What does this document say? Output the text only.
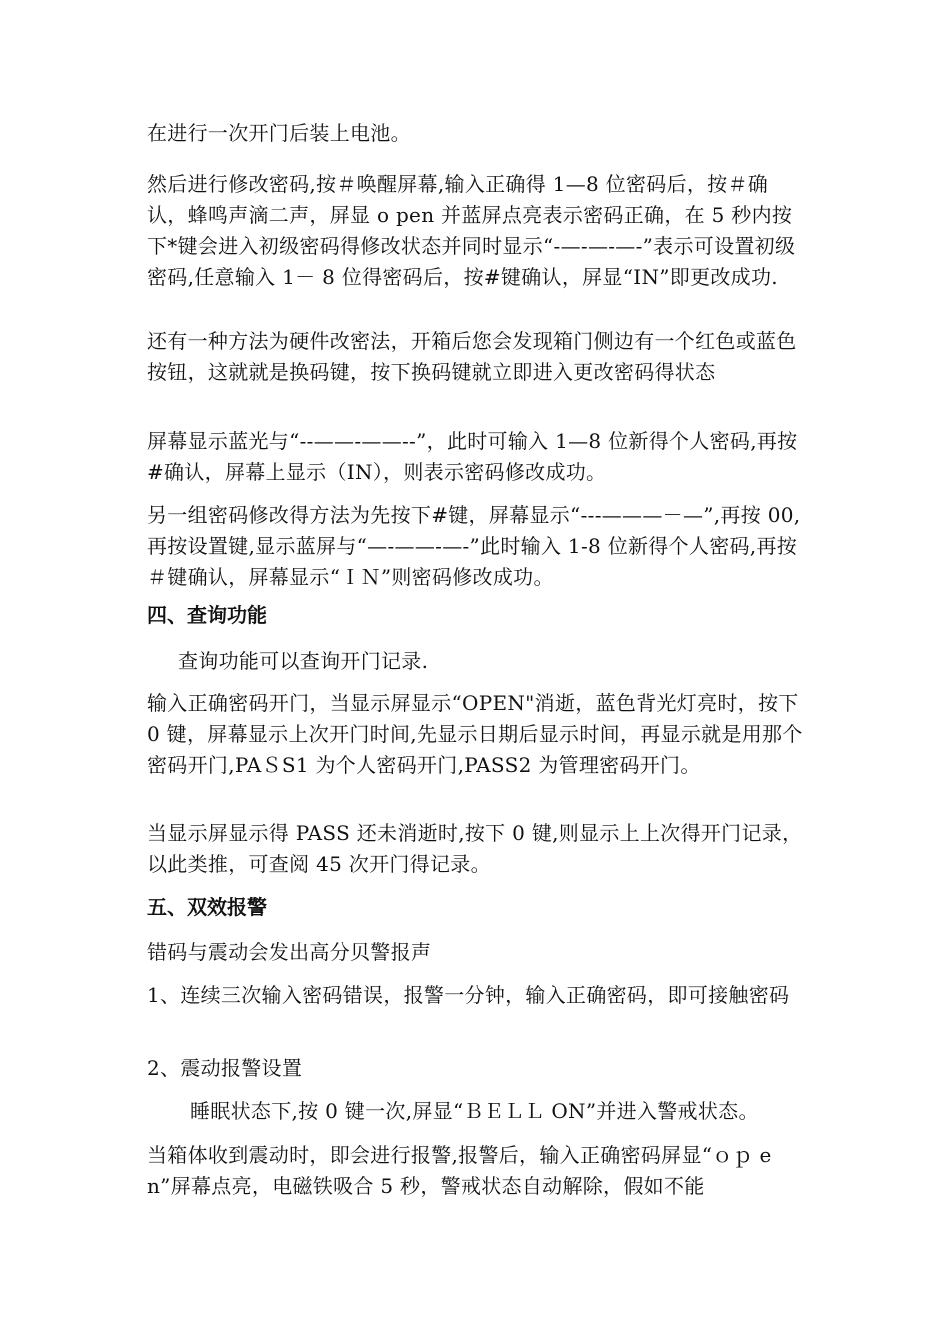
在进行一次开门后装上电池。

然后进行修改密码,按＃唤醒屏幕,输入正确得 1—8 位密码后，按＃确认，蜂鸣声滴二声，屏显 o pen 并蓝屏点亮表示密码正确，在 5 秒内按下*键会进入初级密码得修改状态并同时显示“-—-—-—-”表示可设置初级密码,任意输入 1－ 8 位得密码后，按#键确认，屏显“IN”即更改成功.

还有一种方法为硬件改密法，开箱后您会发现箱门侧边有一个红色或蓝色按钮，这就就是换码键，按下换码键就立即进入更改密码得状态

屏幕显示蓝光与“--——-——--”，此时可输入 1—8 位新得个人密码,再按#确认，屏幕上显示（IN），则表示密码修改成功。

另一组密码修改得方法为先按下#键，屏幕显示“---———－—”,再按 00,再按设置键,显示蓝屏与“—-——-—-”此时输入 1-8 位新得个人密码,再按＃键确认，屏幕显示“ＩＮ”则密码修改成功。

四、查询功能

查询功能可以查询开门记录.

输入正确密码开门，当显示屏显示“OPEN"消逝，蓝色背光灯亮时，按下 0 键，屏幕显示上次开门时间,先显示日期后显示时间，再显示就是用那个密码开门,PAＳS1 为个人密码开门,PASS2 为管理密码开门。

当显示屏显示得 PASS 还未消逝时,按下 0 键,则显示上上次得开门记录，以此类推，可查阅 45 次开门得记录。

五、双效报警

错码与震动会发出高分贝警报声

1、连续三次输入密码错误，报警一分钟，输入正确密码，即可接触密码

2、震动报警设置

睡眠状态下,按 0 键一次,屏显“ＢＥＬＬ ON”并进入警戒状态。

当箱体收到震动时，即会进行报警,报警后，输入正确密码屏显“ｏｐ en”屏幕点亮，电磁铁吸合 5 秒，警戒状态自动解除，假如不能
